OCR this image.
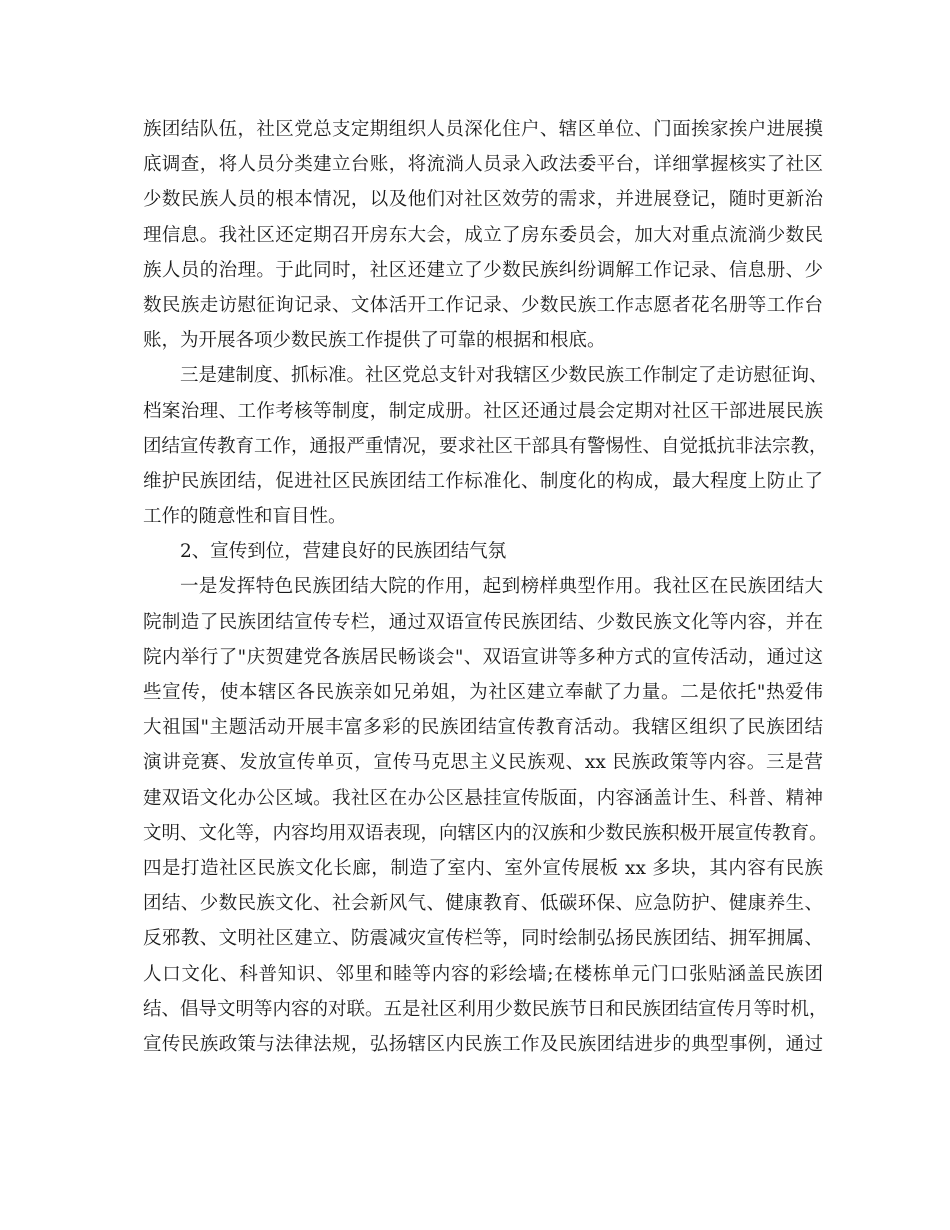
族团结队伍，社区党总支定期组织人员深化住户、辖区单位、门面挨家挨户进展摸
底调查，将人员分类建立台账，将流淌人员录入政法委平台，详细掌握核实了社区
少数民族人员的根本情况，以及他们对社区效劳的需求，并进展登记，随时更新治
理信息。我社区还定期召开房东大会，成立了房东委员会，加大对重点流淌少数民
族人员的治理。于此同时，社区还建立了少数民族纠纷调解工作记录、信息册、少
数民族走访慰征询记录、文体活开工作记录、少数民族工作志愿者花名册等工作台
账，为开展各项少数民族工作提供了可靠的根据和根底。
三是建制度、抓标准。社区党总支针对我辖区少数民族工作制定了走访慰征询、
档案治理、工作考核等制度，制定成册。社区还通过晨会定期对社区干部进展民族
团结宣传教育工作，通报严重情况，要求社区干部具有警惕性、自觉抵抗非法宗教，
维护民族团结，促进社区民族团结工作标准化、制度化的构成，最大程度上防止了
工作的随意性和盲目性。
2、宣传到位，营建良好的民族团结气氛
一是发挥特色民族团结大院的作用，起到榜样典型作用。我社区在民族团结大
院制造了民族团结宣传专栏，通过双语宣传民族团结、少数民族文化等内容，并在
院内举行了"庆贺建党各族居民畅谈会"、双语宣讲等多种方式的宣传活动，通过这
些宣传，使本辖区各民族亲如兄弟姐，为社区建立奉献了力量。二是依托"热爱伟
大祖国"主题活动开展丰富多彩的民族团结宣传教育活动。我辖区组织了民族团结
演讲竞赛、发放宣传单页，宣传马克思主义民族观、xx 民族政策等内容。三是营
建双语文化办公区域。我社区在办公区悬挂宣传版面，内容涵盖计生、科普、精神
文明、文化等，内容均用双语表现，向辖区内的汉族和少数民族积极开展宣传教育。
四是打造社区民族文化长廊，制造了室内、室外宣传展板 xx 多块，其内容有民族
团结、少数民族文化、社会新风气、健康教育、低碳环保、应急防护、健康养生、
反邪教、文明社区建立、防震减灾宣传栏等，同时绘制弘扬民族团结、拥军拥属、
人口文化、科普知识、邻里和睦等内容的彩绘墙;在楼栋单元门口张贴涵盖民族团
结、倡导文明等内容的对联。五是社区利用少数民族节日和民族团结宣传月等时机，
宣传民族政策与法律法规，弘扬辖区内民族工作及民族团结进步的典型事例，通过
